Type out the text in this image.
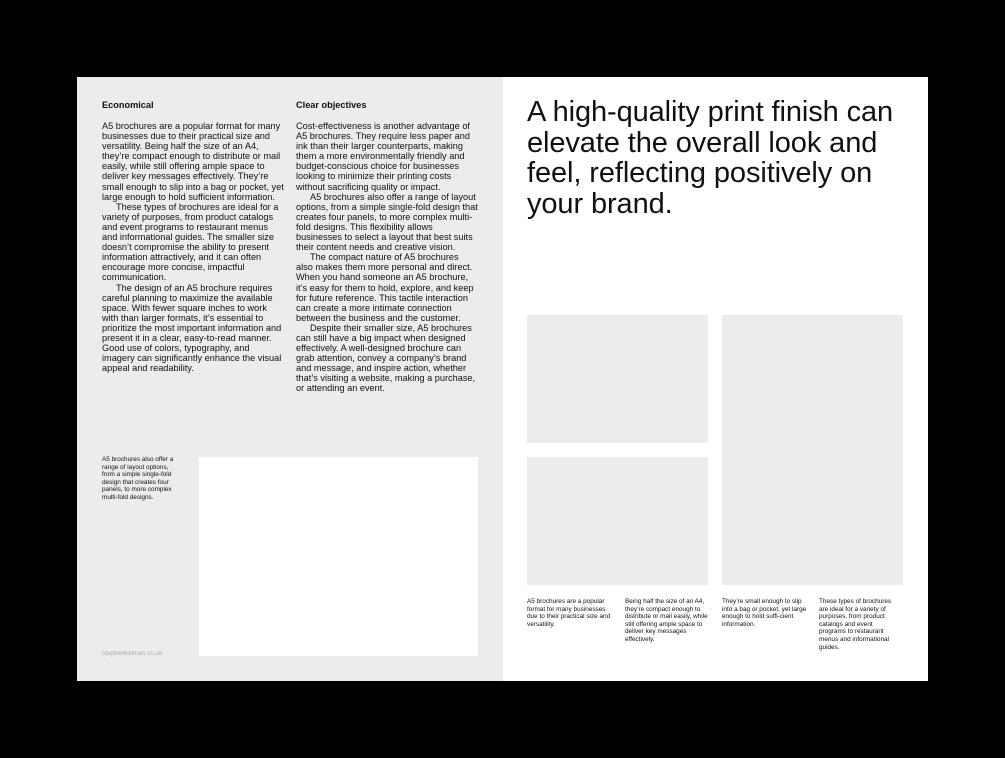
Economical

A5 brochures are a popular format for many businesses due to their practical size and versatility. Being half the size of an A4, they’re compact enough to distribute or mail easily, while still offering ample space to deliver key messages effectively. They’re small enough to slip into a bag or pocket, yet large enough to hold sufficient information.

These types of brochures are ideal for a variety of purposes, from product catalogs and event programs to restaurant menus and informational guides. The smaller size doesn’t compromise the ability to present information attractively, and it can often encourage more concise, impactful communication.

The design of an A5 brochure requires careful planning to maximize the available space. With fewer square inches to work with than larger formats, it’s essential to prioritize the most important information and present it in a clear, easy-to-read manner. Good use of colors, typography, and imagery can significantly enhance the visual appeal and readability.

Clear objectives

Cost-effectiveness is another advantage of A5 brochures. They require less paper and ink than their larger counterparts, making them a more environmentally friendly and budget-conscious choice for businesses looking to minimize their printing costs without sacrificing quality or impact.

A5 brochures also offer a range of layout options, from a simple single-fold design that creates four panels, to more complex multi-fold designs. This flexibility allows businesses to select a layout that best suits their content needs and creative vision.

The compact nature of A5 brochures also makes them more personal and direct. When you hand someone an A5 brochure, it’s easy for them to hold, explore, and keep for future reference. This tactile interaction can create a more intimate connection between the business and the customer.

Despite their smaller size, A5 brochures can still have a big impact when designed effectively. A well-designed brochure can grab attention, convey a company’s brand and message, and inspire action, whether that’s visiting a website, making a purchase, or attending an event.

A5 brochures also offer a range of layout options, from a simple single-fold design that creates four panels, to more complex multi-fold designs.
stephenkelman.co.uk
A high-quality print finish can elevate the overall look and feel, reflecting positively on your brand.
A5 brochures are a popular format for many businesses due to their practical size and versatility.
Being half the size of an A4, they’re compact enough to distribute or mail easily, while still offering ample space to deliver key messages effectively.
They’re small enough to slip into a bag or pocket, yet large enough to hold suffi-cient information.
These types of brochures are ideal for a variety of purposes, from product catalogs and event programs to restaurant menus and informational guides.
